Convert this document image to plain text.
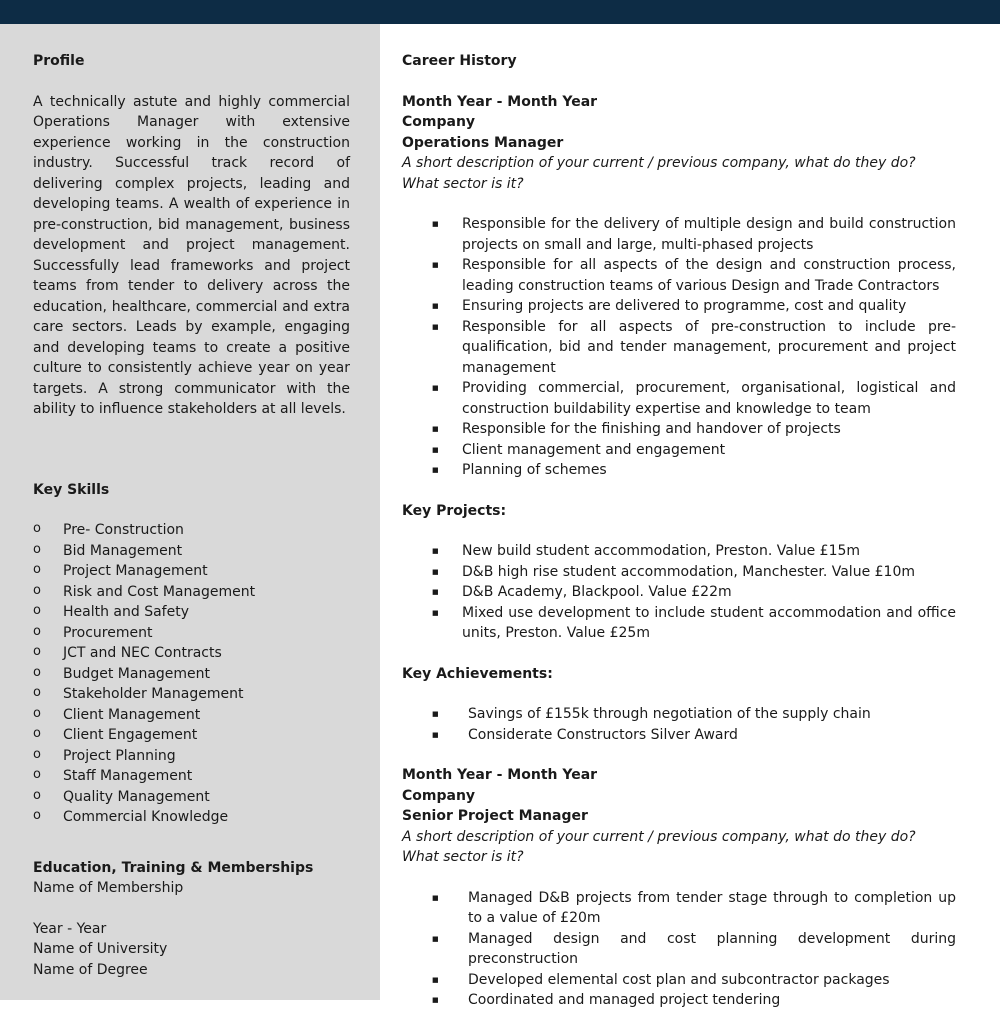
Profile

A technically astute and highly commercial Operations Manager with extensive experience working in the construction industry. Successful track record of delivering complex projects, leading and developing teams. A wealth of experience in pre-construction, bid management, business development and project management. Successfully lead frameworks and project teams from tender to delivery across the education, healthcare, commercial and extra care sectors. Leads by example, engaging and developing teams to create a positive culture to consistently achieve year on year targets. A strong communicator with the ability to influence stakeholders at all levels.

Key Skills

o Pre- Construction
o Bid Management
o Project Management
o Risk and Cost Management
o Health and Safety
o Procurement
o JCT and NEC Contracts
o Budget Management
o Stakeholder Management
o Client Management
o Client Engagement
o Project Planning
o Staff Management
o Quality Management
o Commercial Knowledge

Education, Training & Memberships

Name of Membership

Year - Year

Name of University

Name of Degree

Career History

Month Year - Month Year

Company

Operations Manager

A short description of your current / previous company, what do they do? What sector is it?

■ Responsible for the delivery of multiple design and build construction projects on small and large, multi-phased projects
■ Responsible for all aspects of the design and construction process, leading construction teams of various Design and Trade Contractors
■ Ensuring projects are delivered to programme, cost and quality
■ Responsible for all aspects of pre-construction to include pre-qualification, bid and tender management, procurement and project management
■ Providing commercial, procurement, organisational, logistical and construction buildability expertise and knowledge to team
■ Responsible for the finishing and handover of projects
■ Client management and engagement
■ Planning of schemes

Key Projects:

■ New build student accommodation, Preston. Value £15m
■ D&B high rise student accommodation, Manchester. Value £10m
■ D&B Academy, Blackpool. Value £22m
■ Mixed use development to include student accommodation and office units, Preston. Value £25m

Key Achievements:

■ Savings of £155k through negotiation of the supply chain
■ Considerate Constructors Silver Award

Month Year - Month Year

Company

Senior Project Manager

A short description of your current / previous company, what do they do? What sector is it?

■ Managed D&B projects from tender stage through to completion up to a value of £20m
■ Managed design and cost planning development during preconstruction
■ Developed elemental cost plan and subcontractor packages
■ Coordinated and managed project tendering
